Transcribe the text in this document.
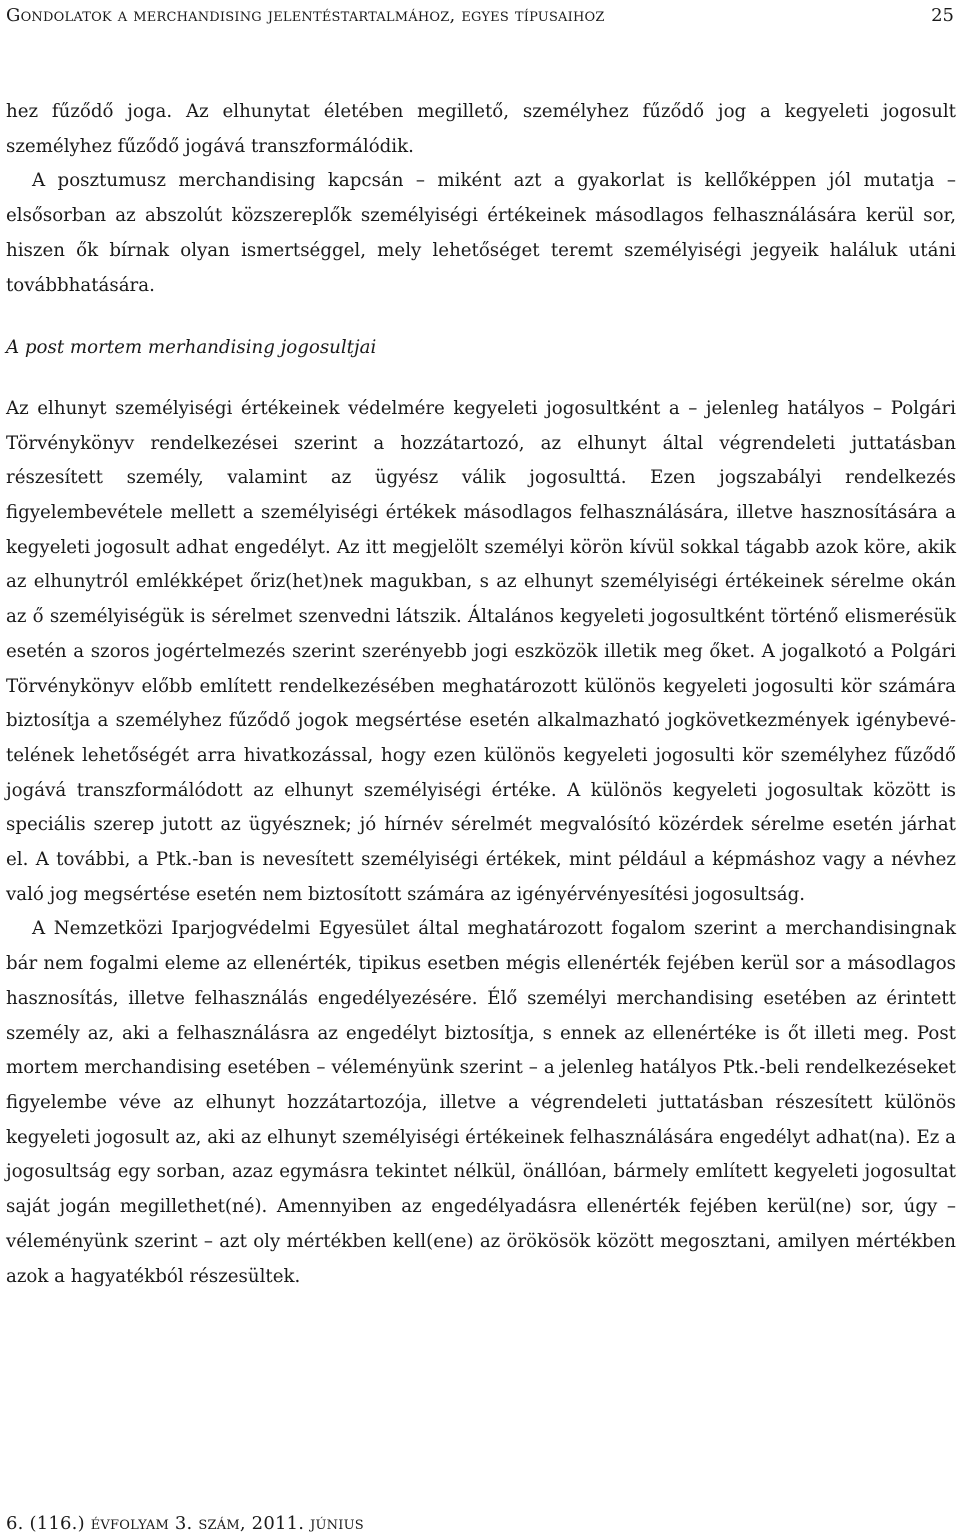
Gondolatok a merchandising jelentéstartalmához, egyes típusaihoz	25

hez fűződő joga. Az elhunytat életében megillető, személyhez fűződő jog a kegyeleti jogosult személyhez fűződő jogává transzformálódik.

A posztumusz merchandising kapcsán – miként azt a gyakorlat is kellőképpen jól mutatja – elsősorban az abszolút közszereplők személyiségi értékeinek másodlagos felhasználására kerül sor, hiszen ők bírnak olyan ismertséggel, mely lehetőséget teremt személyiségi jegyeik haláluk utáni továbbhatására.

A post mortem merhandising jogosultjai

Az elhunyt személyiségi értékeinek védelmére kegyeleti jogosultként a – jelenleg hatályos – Polgári Törvénykönyv rendelkezései szerint a hozzátartozó, az elhunyt által végrendeleti juttatásban részesített személy, valamint az ügyész válik jogosulttá. Ezen jogszabályi rendelkezés figyelembevétele mellett a személyiségi értékek másodlagos felhasználására, illetve hasznosítására a kegyeleti jogosult adhat engedélyt. Az itt megjelölt személyi körön kívül sokkal tágabb azok köre, akik az elhunytról emlékképet őriz(het)nek magukban, s az elhunyt személyiségi értékeinek sérelme okán az ő személyiségük is sérelmet szenvedni látszik. Általános kegyeleti jogosultként történő elismerésük esetén a szoros jogértelmezés szerint szerényebb jogi eszközök illetik meg őket. A jogalkotó a Polgári Törvénykönyv előbb említett rendelkezésében meghatározott különös kegyeleti jogosulti kör számára biztosítja a személyhez fűződő jogok megsértése esetén alkalmazható jogkövetkezmények igénybevételének lehetőségét arra hivatkozással, hogy ezen különös kegyeleti jogosulti kör személyhez fűződő jogává transzformálódott az elhunyt személyiségi értéke. A különös kegyeleti jogosultak között is speciális szerep jutott az ügyésznek; jó hírnév sérelmét megvalósító közérdek sérelme esetén járhat el. A további, a Ptk.-ban is nevesített személyiségi értékek, mint például a képmáshoz vagy a névhez való jog megsértése esetén nem biztosított számára az igényérvényesítési jogosultság.

A Nemzetközi Iparjogvédelmi Egyesület által meghatározott fogalom szerint a merchandisingnak bár nem fogalmi eleme az ellenérték, tipikus esetben mégis ellenérték fejében kerül sor a másodlagos hasznosítás, illetve felhasználás engedélyezésére. Élő személyi merchandising esetében az érintett személy az, aki a felhasználásra az engedélyt biztosítja, s ennek az ellenértéke is őt illeti meg. Post mortem merchandising esetében – véleményünk szerint – a jelenleg hatályos Ptk.-beli rendelkezéseket figyelembe véve az elhunyt hozzátartozója, illetve a végrendeleti juttatásban részesített különös kegyeleti jogosult az, aki az elhunyt személyiségi értékeinek felhasználására engedélyt adhat(na). Ez a jogosultság egy sorban, azaz egymásra tekintet nélkül, önállóan, bármely említett kegyeleti jogosultat saját jogán megillethet(né). Amennyiben az engedélyadásra ellenérték fejében kerül(ne) sor, úgy – véleményünk szerint – azt oly mértékben kell(ene) az örökösök között megosztani, amilyen mértékben azok a hagyatékból részesültek.

6. (116.) évfolyam 3. szám, 2011. június
